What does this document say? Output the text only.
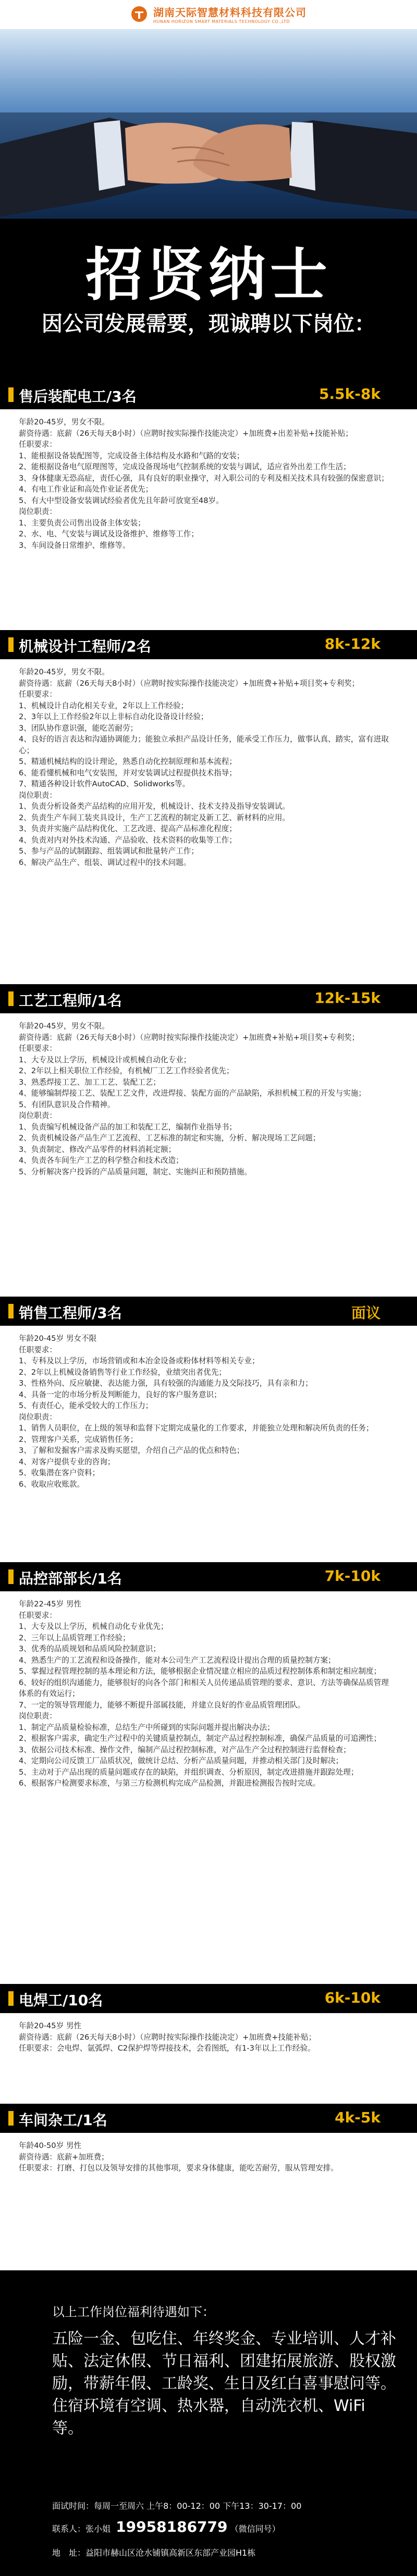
湖南天际智慧材料科技有限公司
HUNAN HORIZON SMART MATERIALS TECHNOLOGY CO.,LTD
招贤纳士
因公司发展需要，现诚聘以下岗位：
售后装配电工/3名	5.5k-8k
年龄20-45岁，男女不限。
薪资待遇：底薪（26天每天8小时）（应聘时按实际操作技能决定）+加班费+出差补贴+技能补贴；
任职要求：
1、能根据设备装配图等，完成设备主体结构及水路和气路的安装；
2、能根据设备电气原理图等，完成设备现场电气控制系统的安装与调试，适应省外出差工作生活；
3、身体健康无恐高症，责任心强，具有良好的职业操守，对入职公司的专利及相关技术具有较强的保密意识；
4、有电工作业证和高处作业证者优先；
5、有大中型设备安装调试经验者优先且年龄可放宽至48岁。
岗位职责：
1、主要负责公司售出设备主体安装；
2、水、电、气安装与调试及设备维护、维修等工作；
3、车间设备日常维护、维修等。
机械设计工程师/2名	8k-12k
年龄20-45岁，男女不限。
薪资待遇：底薪（26天每天8小时）（应聘时按实际操作技能决定）+加班费+补贴+项目奖+专利奖；
任职要求：
1、机械设计自动化相关专业，2年以上工作经验；
2、3年以上工作经验2年以上非标自动化设备设计经验；
3、团队协作意识强，能吃苦耐劳；
4、良好的语言表达和沟通协调能力；能独立承担产品设计任务，能承受工作压力，做事认真、踏实，富有进取心；
5、精通机械结构的设计理论，熟悉自动化控制原理和基本流程；
6、能看懂机械和电气安装图，并对安装调试过程提供技术指导；
7、精通各种设计软件AutoCAD、Solidworks等。
岗位职责：
1、负责分析设备类产品结构的应用开发，机械设计、技术支持及指导安装调试。
2、负责生产车间工装夹具设计，生产工艺流程的制定及新工艺、新材料的应用。
3、负责并实施产品结构优化、工艺改进、提高产品标准化程度；
4、负责对内对外技术沟通、产品验收、技术资料的收集等工作；
5、参与产品的试制跟踪、组装调试和批量转产工作；
6、解决产品生产、组装、调试过程中的技术问题。
工艺工程师/1名	12k-15k
年龄20-45岁，男女不限。
薪资待遇：底薪（26天每天8小时）（应聘时按实际操作技能决定）+加班费+补贴+项目奖+专利奖；
任职要求：
1、大专及以上学历，机械设计或机械自动化专业；
2、2年以上相关职位工作经验，有机械厂工艺工作经验者优先；
3、熟悉焊接工艺、加工工艺、装配工艺；
4、能够编制焊接工艺、装配工艺文件，改进焊接、装配方面的产品缺陷，承担机械工程的开发与实施；
5、有团队意识及合作精神。
岗位职责：
1、负责编写机械设备产品的加工和装配工艺，编制作业指导书；
2、负责机械设备产品生产工艺流程、工艺标准的制定和实施，分析、解决现场工艺问题；
3、负责制定、修改产品零件的材料消耗定额；
4、负责各车间生产工艺的科学整合和技术改造；
5、分析解决客户投诉的产品质量问题，制定、实施纠正和预防措施。
销售工程师/3名	面议
年龄20-45岁 男女不限
任职要求：
1、专科及以上学历，市场营销或和本冶金设备或粉体材料等相关专业；
2、2年以上机械设备销售等行业工作经验，业绩突出者优先；
3、性格外向、反应敏捷、表达能力强，具有较强的沟通能力及交际技巧，具有亲和力；
4、具备一定的市场分析及判断能力，良好的客户服务意识；
5、有责任心，能承受较大的工作压力；
岗位职责：
1、销售人员职位，在上级的领导和监督下定期完成量化的工作要求，并能独立处理和解决所负责的任务；
2、管理客户关系，完成销售任务；
3、了解和发掘客户需求及购买愿望，介绍自己产品的优点和特色；
4、对客户提供专业的咨询；
5、收集潜在客户资料；
6、收取应收账款。
品控部部长/1名	7k-10k
年龄22-45岁 男性
任职要求：
1、大专及以上学历，机械自动化专业优先；
2、三年以上品质管理工作经验；
3、优秀的品质规划和品质风险控制意识；
4、熟悉生产的工艺流程和设备操作，能对本公司生产工艺流程设计提出合理的质量控制方案；
5、掌握过程管理控制的基本理论和方法，能够根据企业情况建立相应的品质过程控制体系和制定相应制度；
6、较好的组织沟通能力，能够很好的向各个部门和相关人员传递品质管理的要求、意识、方法等确保品质管理体系的有效运行；
7、一定的领导管理能力，能够不断提升部属技能，并建立良好的作业品质管理团队。
岗位职责：
1、制定产品质量检验标准，总结生产中所碰到的实际问题并提出解决办法；
2、根据客户需求，确定生产过程中的关键质量控制点，制定产品过程控制标准，确保产品质量的可追溯性；
3、依据公司技术标准、操作文件，编制产品过程控制标准，对产品生产全过程控制进行监督检查；
4、定期向公司反馈工厂品质状况，做统计总结、分析产品质量问题，并推动相关部门及时解决；
5、主动对于产品出现的质量问题或存在的缺陷，并组织调查、分析原因，制定改进措施并跟踪处理；
6、根据客户检测要求标准，与第三方检测机构完成产品检测，并跟进检测报告按时完成。
电焊工/10名	6k-10k
年龄20-45岁 男性
薪资待遇：底薪（26天每天8小时）（应聘时按实际操作技能决定）+加班费+技能补贴；
任职要求：会电焊、氩弧焊、C2保护焊等焊接技术，会看图纸，有1-3年以上工作经验。
车间杂工/1名	4k-5k
年龄40-50岁 男性
薪资待遇：底薪+加班费；
任职要求：打磨、打包以及领导安排的其他事项，要求身体健康，能吃苦耐劳，服从管理安排。
以上工作岗位福利待遇如下：
五险一金、包吃住、年终奖金、专业培训、人才补贴、法定休假、节日福利、团建拓展旅游、股权激励，带薪年假、工龄奖、生日及红白喜事慰问等。住宿环境有空调、热水器，自动洗衣机、WiFi等。
面试时间：每周一至周六 上午8：00-12：00 下午13：30-17：00
联系人：张小姐 19958186779 （微信同号）
地　址：益阳市赫山区沧水铺镇高新区东部产业园H1栋
